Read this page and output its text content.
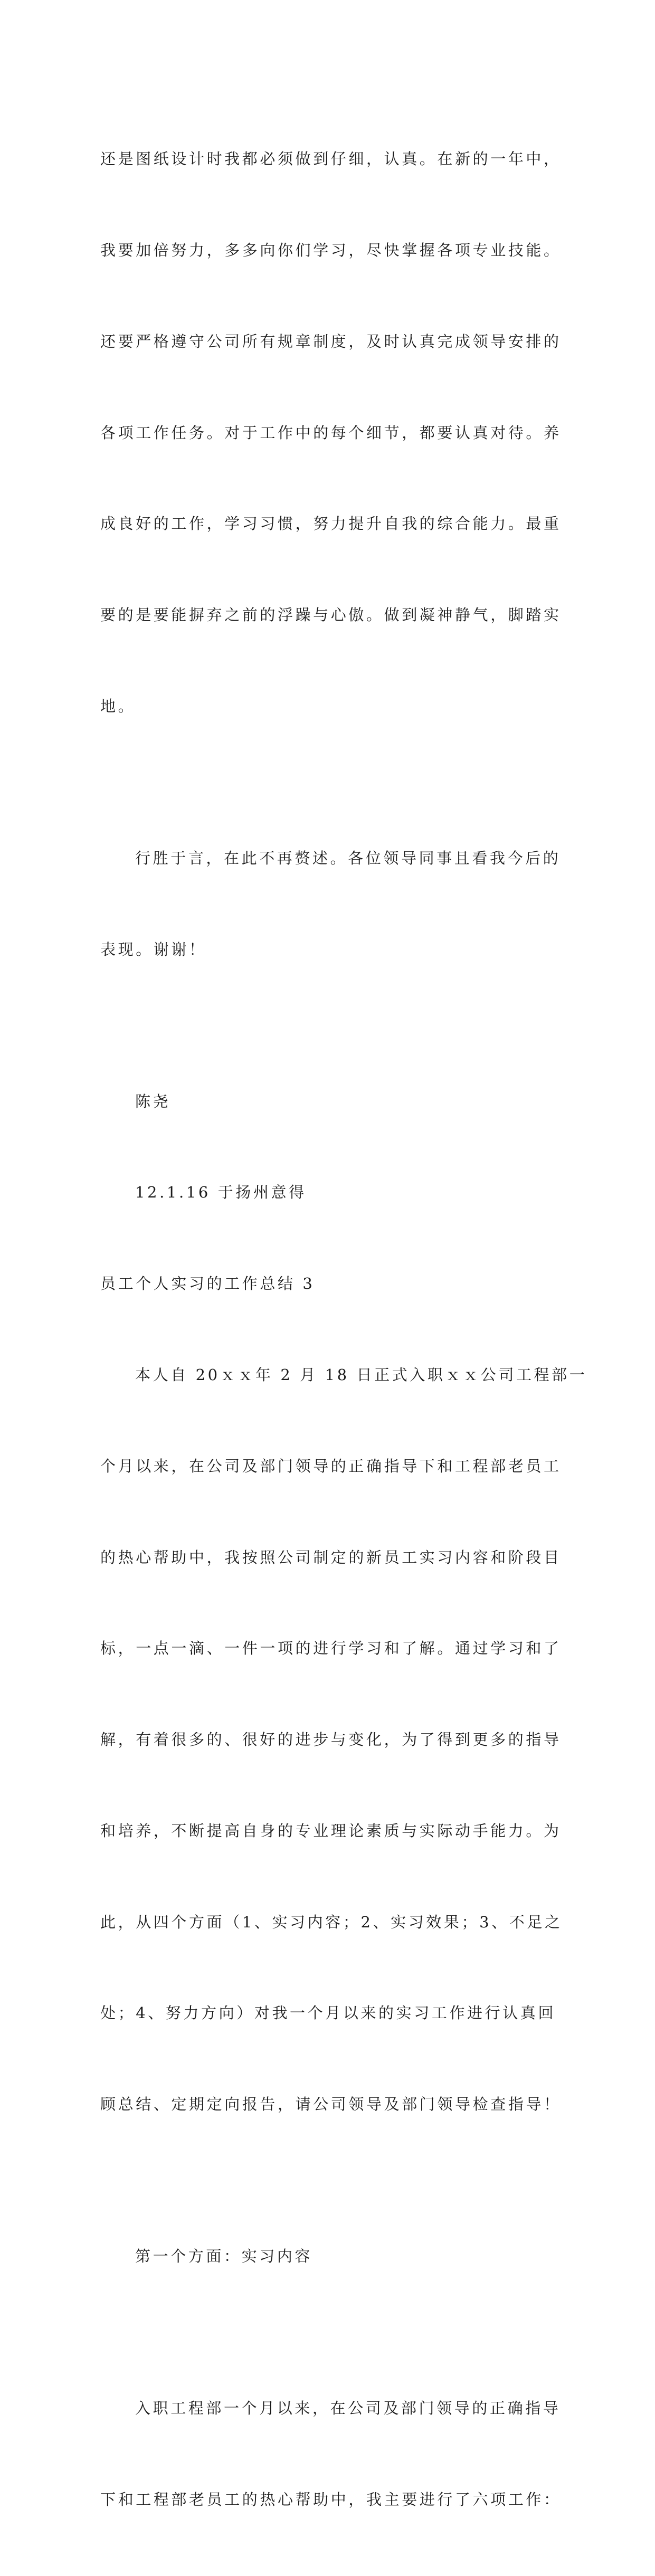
还是图纸设计时我都必须做到仔细，认真。在新的一年中，

我要加倍努力，多多向你们学习，尽快掌握各项专业技能。

还要严格遵守公司所有规章制度，及时认真完成领导安排的

各项工作任务。对于工作中的每个细节，都要认真对待。养

成良好的工作，学习习惯，努力提升自我的综合能力。最重

要的是要能摒弃之前的浮躁与心傲。做到凝神静气，脚踏实

地。

行胜于言，在此不再赘述。各位领导同事且看我今后的

表现。谢谢！

陈尧

12.1.16 于扬州意得

员工个人实习的工作总结 3

本人自 20ｘｘ年 2 月 18 日正式入职ｘｘ公司工程部一

个月以来，在公司及部门领导的正确指导下和工程部老员工

的热心帮助中，我按照公司制定的新员工实习内容和阶段目

标，一点一滴、一件一项的进行学习和了解。通过学习和了

解，有着很多的、很好的进步与变化，为了得到更多的指导

和培养，不断提高自身的专业理论素质与实际动手能力。为

此，从四个方面（1、实习内容；2、实习效果；3、不足之

处；4、努力方向）对我一个月以来的实习工作进行认真回

顾总结、定期定向报告，请公司领导及部门领导检查指导！

第一个方面：实习内容

入职工程部一个月以来，在公司及部门领导的正确指导

下和工程部老员工的热心帮助中，我主要进行了六项工作：
